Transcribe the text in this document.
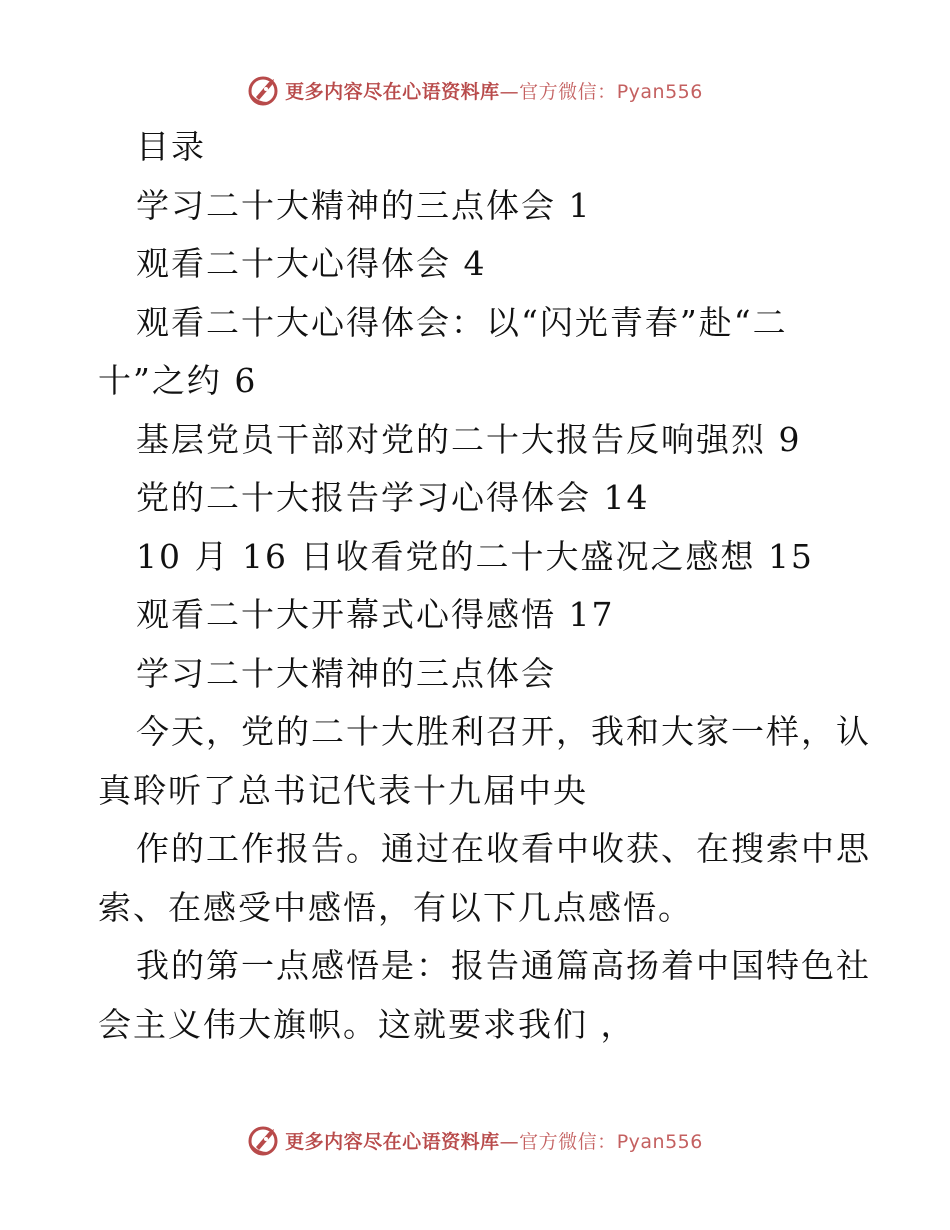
更多内容尽在心语资料库—官方微信：Pyan556
目录
学习二十大精神的三点体会 1
观看二十大心得体会 4
观看二十大心得体会：以“闪光青春”赴“二
十”之约 6
基层党员干部对党的二十大报告反响强烈 9
党的二十大报告学习心得体会 14
10 月 16 日收看党的二十大盛况之感想 15
观看二十大开幕式心得感悟 17
学习二十大精神的三点体会
今天，党的二十大胜利召开，我和大家一样，认
真聆听了总书记代表十九届中央
作的工作报告。通过在收看中收获、在搜索中思
索、在感受中感悟，有以下几点感悟。
我的第一点感悟是：报告通篇高扬着中国特色社
会主义伟大旗帜。这就要求我们 ，
更多内容尽在心语资料库—官方微信：Pyan556
